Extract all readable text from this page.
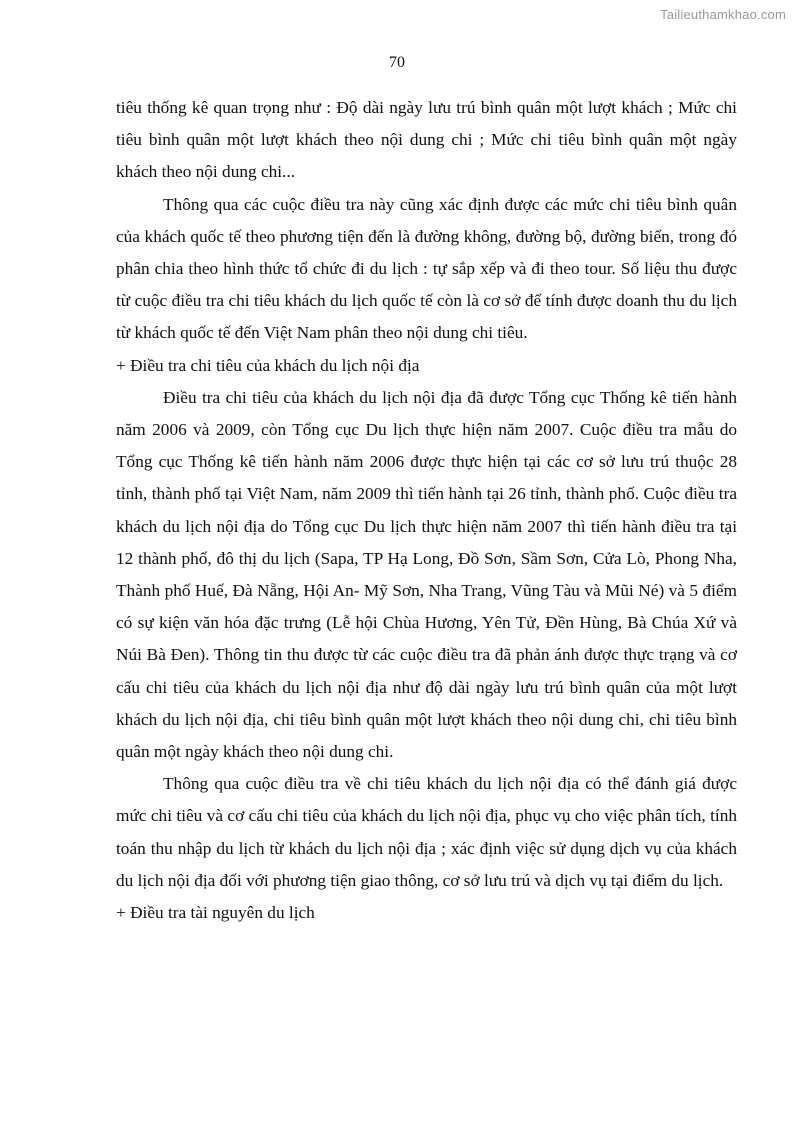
Tailieuthamkhao.com
70

tiêu thống kê quan trọng như : Độ dài ngày lưu trú bình quân một lượt khách ; Mức chi tiêu bình quân một lượt khách theo nội dung chi ; Mức chi tiêu bình quân một ngày khách theo nội dung chi...

Thông qua các cuộc điều tra này cũng xác định được các mức chi tiêu bình quân của khách quốc tế theo phương tiện đến là đường không, đường bộ, đường biển, trong đó phân chia theo hình thức tổ chức đi du lịch : tự sắp xếp và đi theo tour. Số liệu thu được từ cuộc điều tra chi tiêu khách du lịch quốc tế còn là cơ sở để tính được doanh thu du lịch từ khách quốc tế đến Việt Nam phân theo nội dung chi tiêu.

+ Điều tra chi tiêu của khách du lịch nội địa

Điều tra chi tiêu của khách du lịch nội địa đã được Tổng cục Thống kê tiến hành năm 2006 và 2009, còn Tổng cục Du lịch thực hiện năm 2007. Cuộc điều tra mẫu do Tổng cục Thống kê tiến hành năm 2006 được thực hiện tại các cơ sở lưu trú thuộc 28 tỉnh, thành phố tại Việt Nam, năm 2009 thì tiến hành tại 26 tỉnh, thành phố. Cuộc điều tra khách du lịch nội địa do Tổng cục Du lịch thực hiện năm 2007 thì tiến hành điều tra tại 12 thành phố, đô thị du lịch (Sapa, TP Hạ Long, Đồ Sơn, Sầm Sơn, Cửa Lò, Phong Nha, Thành phố Huế, Đà Nẵng, Hội An- Mỹ Sơn, Nha Trang, Vũng Tàu và Mũi Né) và 5 điểm có sự kiện văn hóa đặc trưng (Lễ hội Chùa Hương, Yên Tử, Đền Hùng, Bà Chúa Xứ và Núi Bà Đen). Thông tin thu được từ các cuộc điều tra đã phản ánh được thực trạng và cơ cấu chi tiêu của khách du lịch nội địa như độ dài ngày lưu trú bình quân của một lượt khách du lịch nội địa, chi tiêu bình quân một lượt khách theo nội dung chi, chi tiêu bình quân một ngày khách theo nội dung chi.

Thông qua cuộc điều tra về chi tiêu khách du lịch nội địa có thể đánh giá được mức chi tiêu và cơ cấu chi tiêu của khách du lịch nội địa, phục vụ cho việc phân tích, tính toán thu nhập du lịch từ khách du lịch nội địa ; xác định việc sử dụng dịch vụ của khách du lịch nội địa đối với phương tiện giao thông, cơ sở lưu trú và dịch vụ tại điểm du lịch.

+ Điều tra tài nguyên du lịch
